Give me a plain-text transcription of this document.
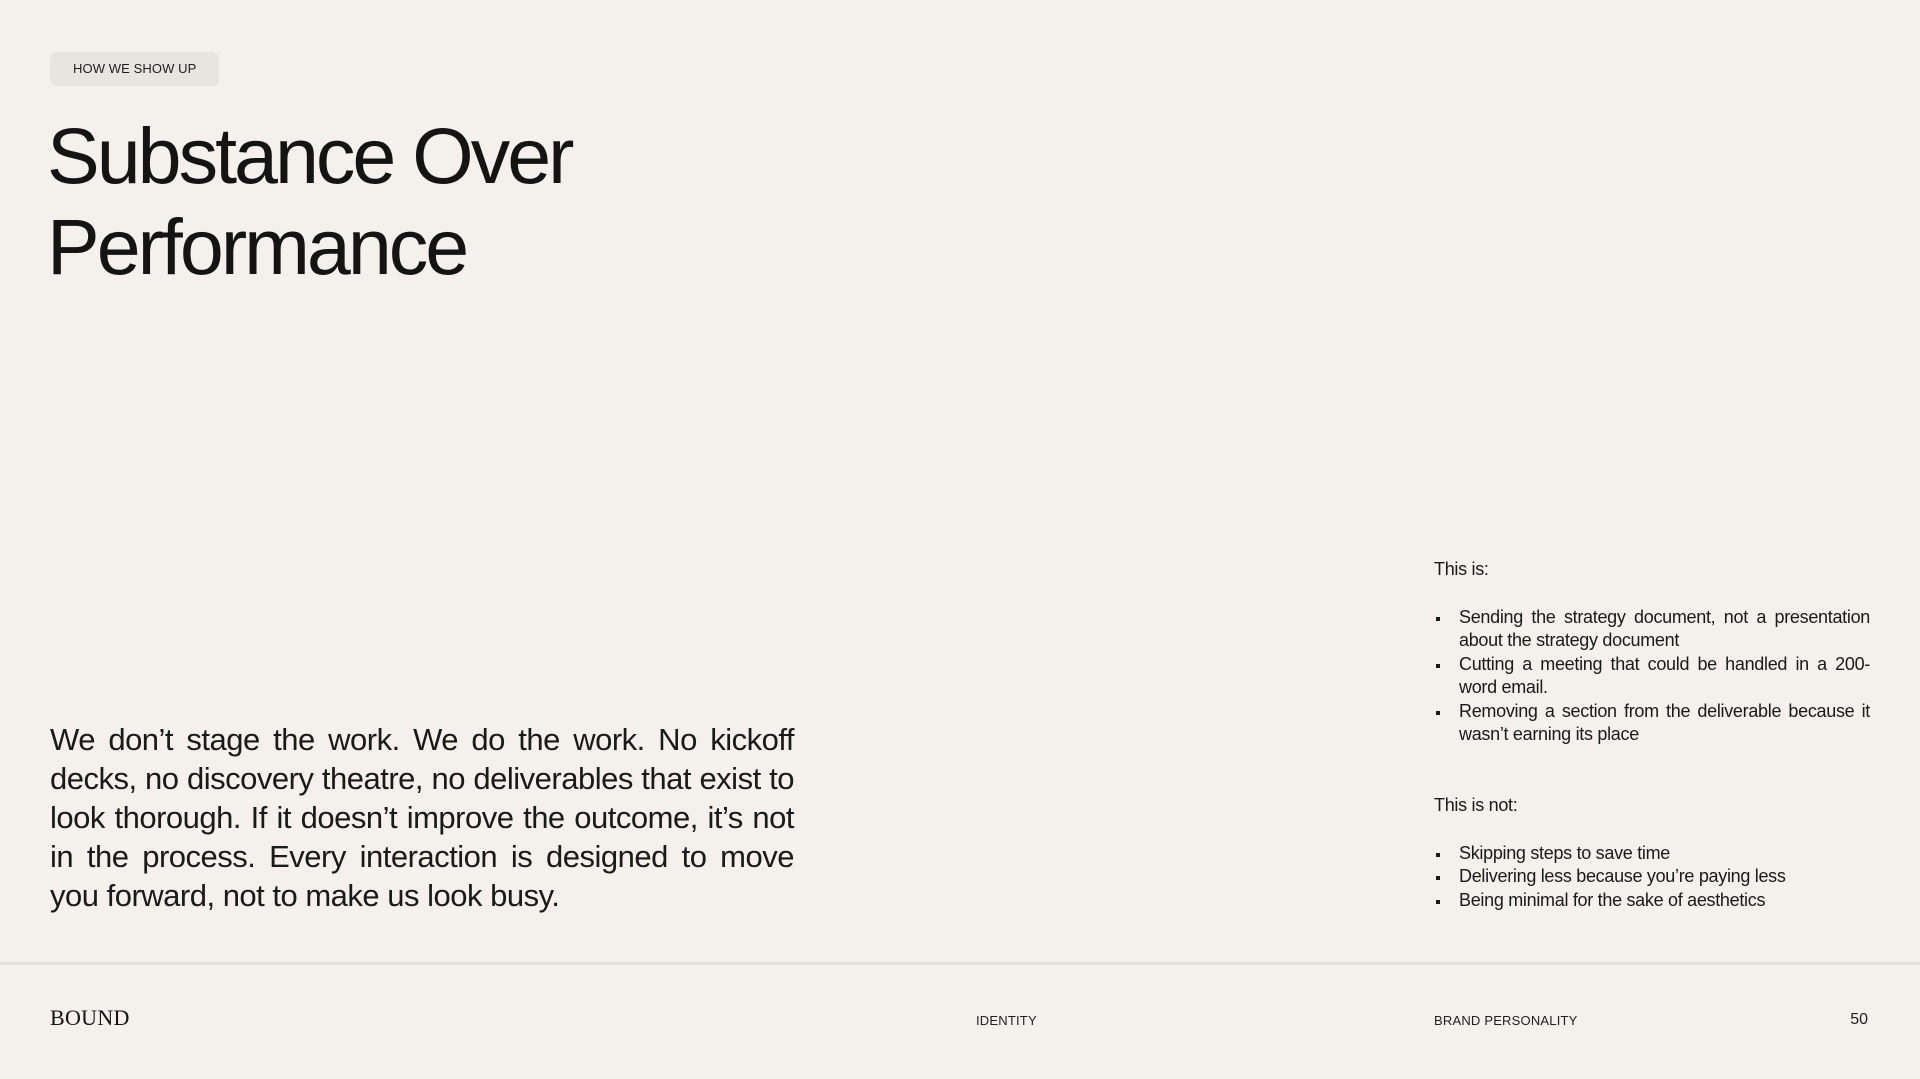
HOW WE SHOW UP
Substance Over
Performance

We don’t stage the work. We do the work. No kickoff decks, no discovery theatre, no deliverables that exist to look thorough. If it doesn’t improve the outcome, it’s not in the process. Every interaction is designed to move you forward, not to make us look busy.

This is:

Sending the strategy document, not a presentation about the strategy document
Cutting a meeting that could be handled in a 200-word email.
Removing a section from the deliverable because it wasn’t earning its place

This is not:

Skipping steps to save time
Delivering less because you’re paying less
Being minimal for the sake of aesthetics
BOUND	IDENTITY	BRAND PERSONALITY	50
